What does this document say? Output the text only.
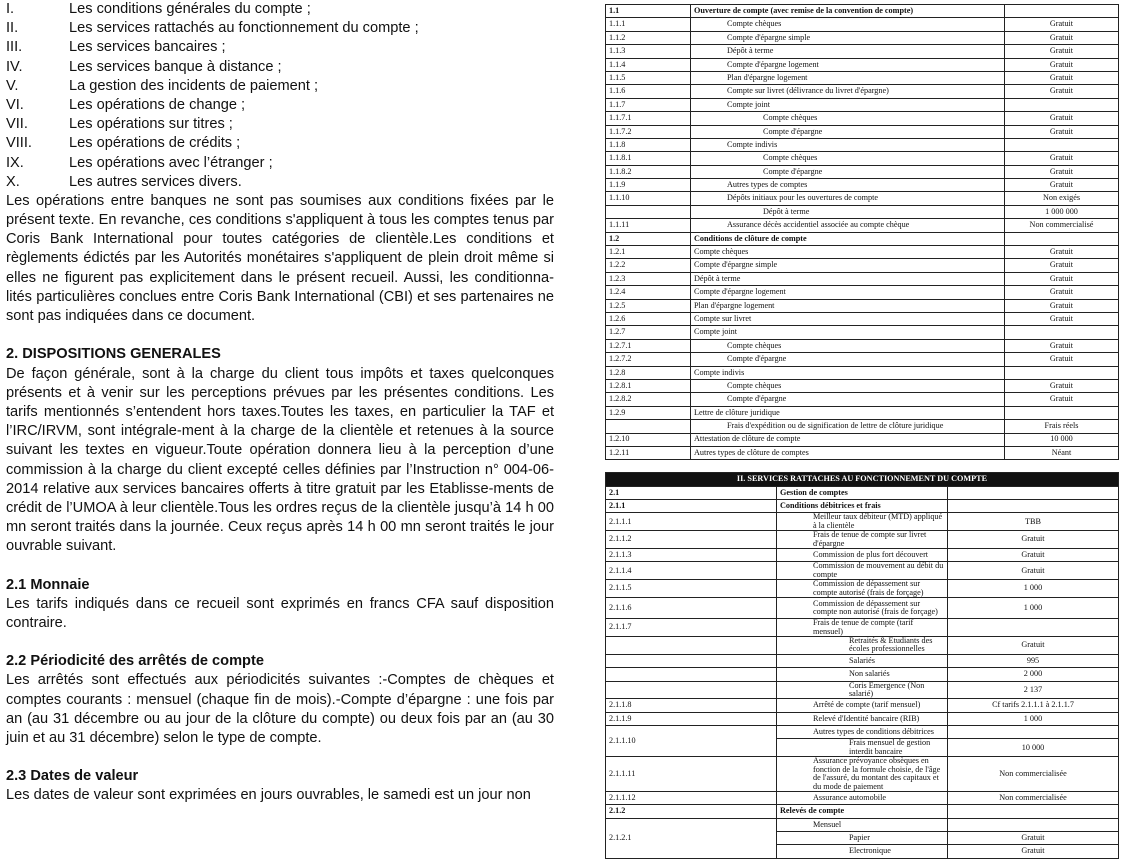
I.	Les conditions générales du compte ;
II.	Les services rattachés au fonctionnement du compte ;
III.	Les services bancaires ;
IV.	Les services banque à distance ;
V.	La gestion des incidents de paiement ;
VI.	Les opérations de change ;
VII.	Les opérations sur titres ;
VIII.	Les opérations de crédits ;
IX.	Les opérations avec l’étranger ;
X.	Les autres services divers.

Les opérations entre banques ne sont pas soumises aux conditions fixées par le présent texte. En revanche, ces conditions s'appliquent à tous les comptes tenus par Coris Bank International pour toutes catégories de clientèle.Les conditions et règlements édictés par les Autorités monétaires s'appliquent de plein droit même si elles ne figurent pas explicitement dans le présent recueil. Aussi, les conditionna-lités particulières conclues entre Coris Bank International (CBI) et ses partenaires ne sont pas indiquées dans ce document.

2. DISPOSITIONS GENERALES

De façon générale, sont à la charge du client tous impôts et taxes quelconques présents et à venir sur les perceptions prévues par les présentes conditions. Les tarifs mentionnés s’entendent hors taxes.Toutes les taxes, en particulier la TAF et l’IRC/IRVM, sont intégrale-ment à la charge de la clientèle et retenues à la source suivant les textes en vigueur.Toute opération donnera lieu à la perception d’une commission à la charge du client excepté celles définies par l’Instruction n° 004-06-2014 relative aux services bancaires offerts à titre gratuit par les Etablisse-ments de crédit de l’UMOA à leur clientèle.Tous les ordres reçus de la clientèle jusqu’à 14 h 00 mn seront traités dans la journée. Ceux reçus après 14 h 00 mn seront traités le jour ouvrable suivant.

2.1 Monnaie

Les tarifs indiqués dans ce recueil sont exprimés en francs CFA sauf disposition contraire.

2.2 Périodicité des arrêtés de compte

Les arrêtés sont effectués aux périodicités suivantes :-Comptes de chèques et comptes courants : mensuel (chaque fin de mois).-Compte d’épargne : une fois par an (au 31 décembre ou au jour de la clôture du compte) ou deux fois par an (au 30 juin et au 31 décembre) selon le type de compte.

2.3 Dates de valeur

Les dates de valeur sont exprimées en jours ouvrables, le samedi est un jour non

1.1	Ouverture de compte (avec remise de la convention de compte)	
1.1.1	Compte chèques	Gratuit
1.1.2	Compte d'épargne simple	Gratuit
1.1.3	Dépôt à terme	Gratuit
1.1.4	Compte d'épargne logement	Gratuit
1.1.5	Plan d'épargne logement	Gratuit
1.1.6	Compte sur livret (délivrance du livret d'épargne)	Gratuit
1.1.7	Compte joint	
1.1.7.1	Compte chèques	Gratuit
1.1.7.2	Compte d'épargne	Gratuit
1.1.8	Compte indivis	
1.1.8.1	Compte chèques	Gratuit
1.1.8.2	Compte d'épargne	Gratuit
1.1.9	Autres types de comptes	Gratuit
1.1.10	Dépôts initiaux pour les ouvertures de compte	Non exigés
	Dépôt à terme	1 000 000
1.1.11	Assurance décès accidentiel associée au compte chèque	Non commercialisé
1.2	Conditions de clôture de compte	
1.2.1	Compte chèques	Gratuit
1.2.2	Compte d'épargne simple	Gratuit
1.2.3	Dépôt à terme	Gratuit
1.2.4	Compte d'épargne logement	Gratuit
1.2.5	Plan d'épargne logement	Gratuit
1.2.6	Compte sur livret	Gratuit
1.2.7	Compte joint	
1.2.7.1	Compte chèques	Gratuit
1.2.7.2	Compte d'épargne	Gratuit
1.2.8	Compte indivis	
1.2.8.1	Compte chèques	Gratuit
1.2.8.2	Compte d'épargne	Gratuit
1.2.9	Lettre de clôture juridique	
	Frais d'expédition ou de signification de lettre de clôture juridique	Frais réels
1.2.10	Attestation de clôture de compte	10 000
1.2.11	Autres types de clôture de comptes	Néant
II. SERVICES RATTACHES AU FONCTIONNEMENT DU COMPTE		
2.1	Gestion de comptes	
2.1.1	Conditions débitrices et frais	
2.1.1.1	Meilleur taux débiteur (MTD) appliqué à la clientèle	TBB
2.1.1.2	Frais de tenue de compte sur livret d'épargne	Gratuit
2.1.1.3	Commission de plus fort découvert	Gratuit
2.1.1.4	Commission de mouvement au débit du compte	Gratuit
2.1.1.5	Commission de dépassement sur compte autorisé (frais de forçage)	1 000
2.1.1.6	Commission de dépassement sur compte non autorisé (frais de forçage)	1 000
2.1.1.7	Frais de tenue de compte (tarif mensuel)	
	Retraités & Etudiants des écoles professionnelles	Gratuit
	Salariés	995
	Non salariés	2 000
	Coris Emergence (Non salarié)	2 137
2.1.1.8	Arrêté de compte (tarif mensuel)	Cf tarifs 2.1.1.1 à 2.1.1.7
2.1.1.9	Relevé d'Identité bancaire (RIB)	1 000
2.1.1.10	Autres types de conditions débitrices	
	Frais mensuel de gestion interdit bancaire	10 000
2.1.1.11	Assurance prévoyance obsèques en fonction de la formule choisie, de l'âge de l'assuré, du montant des capitaux et du mode de paiement	Non commercialisée
2.1.1.12	Assurance automobile	Non commercialisée
2.1.2	Relevés de compte	
2.1.2.1	Mensuel	
	Papier	Gratuit
	Electronique	Gratuit
